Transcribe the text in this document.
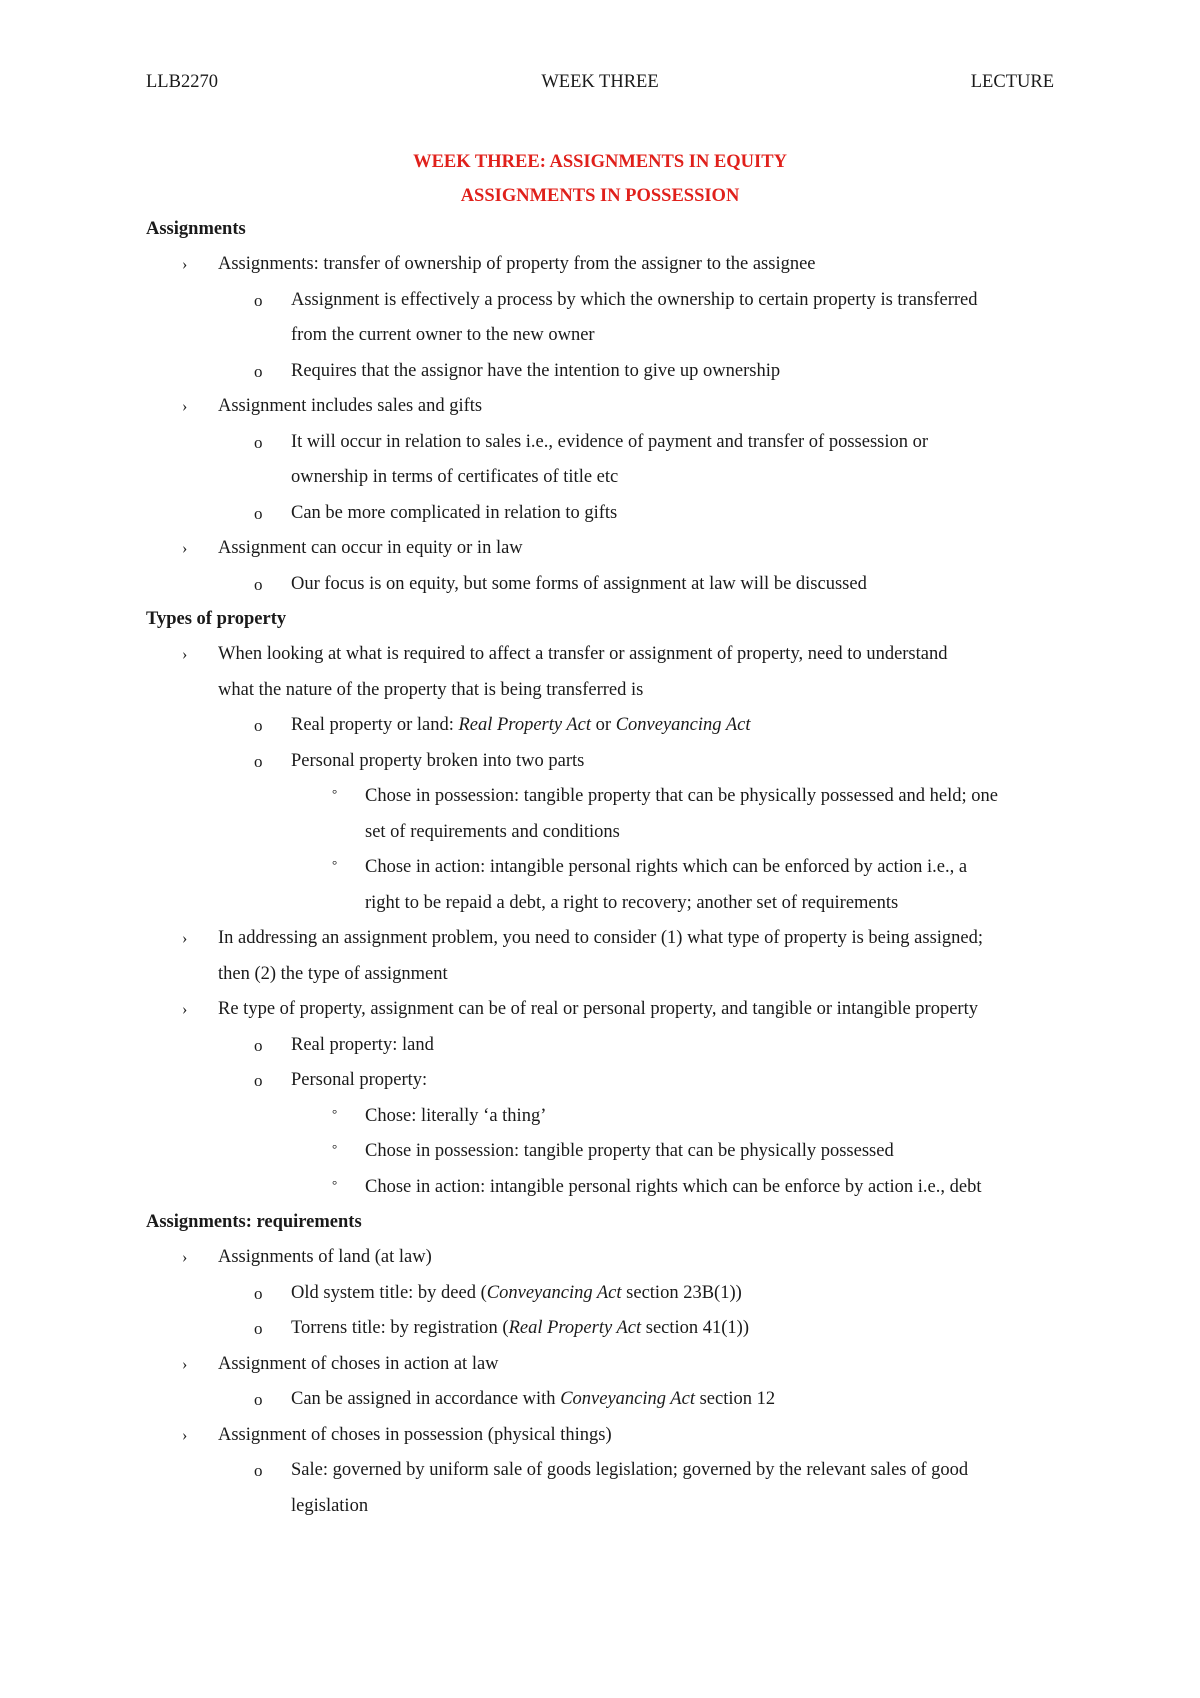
LLB2270	WEEK THREE	LECTURE
WEEK THREE: ASSIGNMENTS IN EQUITY
ASSIGNMENTS IN POSSESSION
Assignments
› Assignments: transfer of ownership of property from the assigner to the assignee
o Assignment is effectively a process by which the ownership to certain property is transferred
from the current owner to the new owner
o Requires that the assignor have the intention to give up ownership
› Assignment includes sales and gifts
o It will occur in relation to sales i.e., evidence of payment and transfer of possession or
ownership in terms of certificates of title etc
o Can be more complicated in relation to gifts
› Assignment can occur in equity or in law
o Our focus is on equity, but some forms of assignment at law will be discussed
Types of property
› When looking at what is required to affect a transfer or assignment of property, need to understand
what the nature of the property that is being transferred is
o Real property or land: Real Property Act or Conveyancing Act
o Personal property broken into two parts
° Chose in possession: tangible property that can be physically possessed and held; one
set of requirements and conditions
° Chose in action: intangible personal rights which can be enforced by action i.e., a
right to be repaid a debt, a right to recovery; another set of requirements
› In addressing an assignment problem, you need to consider (1) what type of property is being assigned;
then (2) the type of assignment
› Re type of property, assignment can be of real or personal property, and tangible or intangible property
o Real property: land
o Personal property:
° Chose: literally ‘a thing’
° Chose in possession: tangible property that can be physically possessed
° Chose in action: intangible personal rights which can be enforce by action i.e., debt
Assignments: requirements
› Assignments of land (at law)
o Old system title: by deed (Conveyancing Act section 23B(1))
o Torrens title: by registration (Real Property Act section 41(1))
› Assignment of choses in action at law
o Can be assigned in accordance with Conveyancing Act section 12
› Assignment of choses in possession (physical things)
o Sale: governed by uniform sale of goods legislation; governed by the relevant sales of good
legislation
